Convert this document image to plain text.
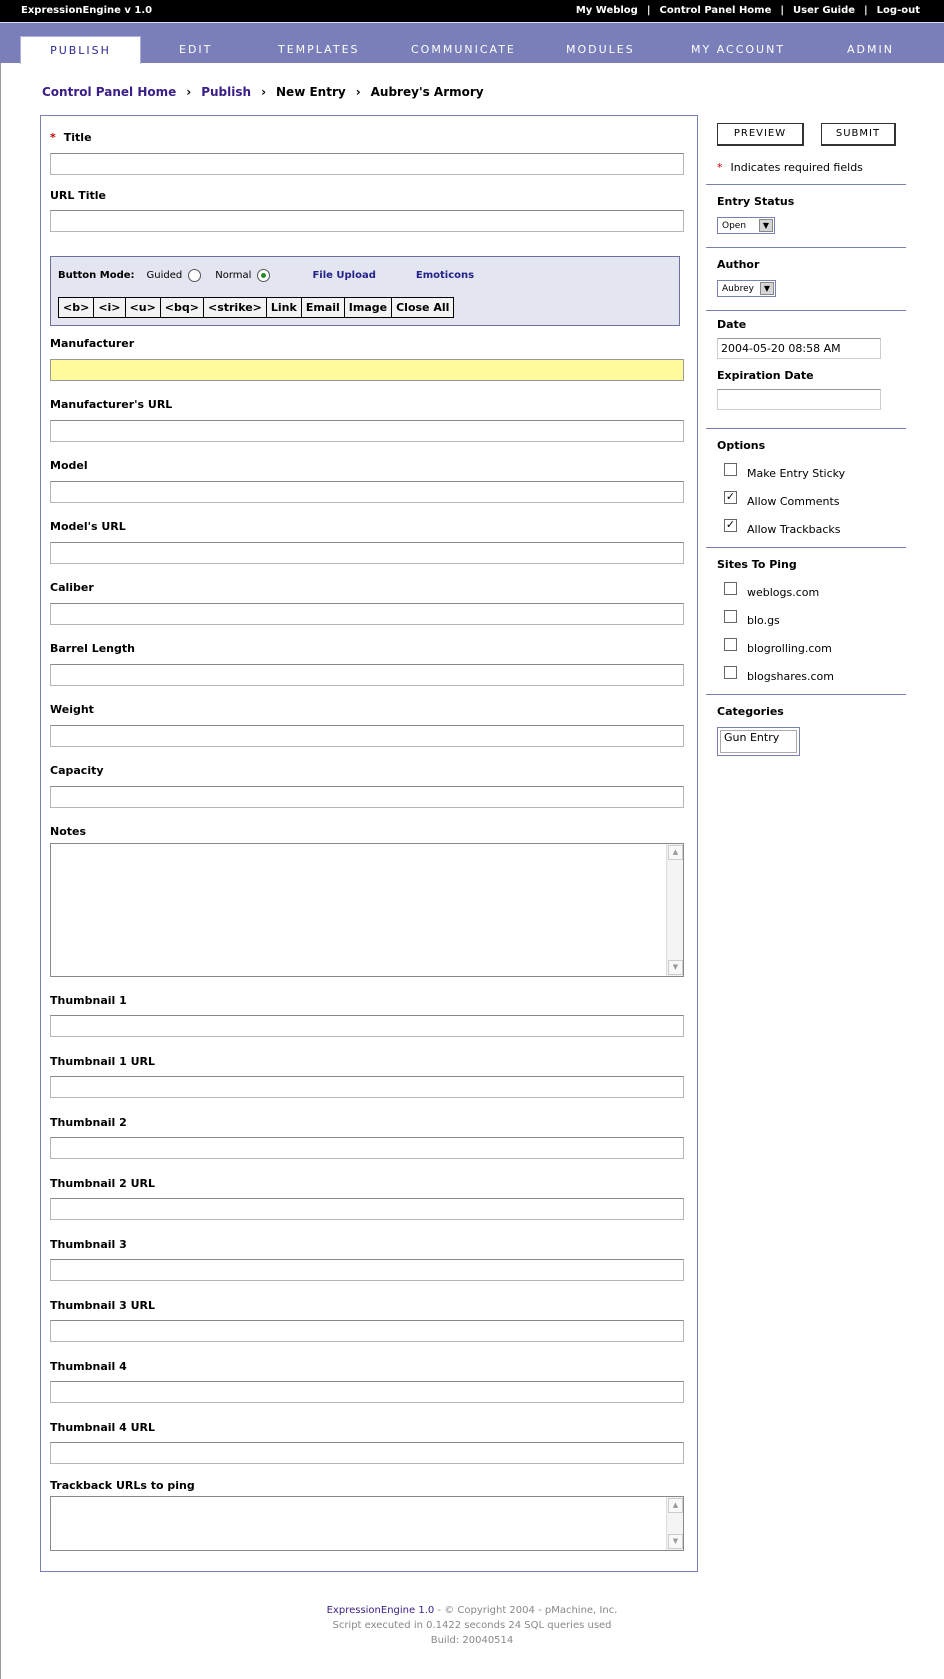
ExpressionEngine v 1.0	My Weblog | Control Panel Home | User Guide | Log-out
PUBLISH	EDIT	TEMPLATES	COMMUNICATE	MODULES	MY ACCOUNT	ADMIN
Control Panel Home › Publish › New Entry › Aubrey's Armory
* Title
URL Title
Button Mode: Guided	Normal	File Upload	Emoticons
<b> <i> <u> <bq> <strike> Link Email Image Close All
Manufacturer
Manufacturer's URL
Model
Model's URL
Caliber
Barrel Length
Weight
Capacity
Notes
▲
▼
Thumbnail 1
Thumbnail 1 URL
Thumbnail 2
Thumbnail 2 URL
Thumbnail 3
Thumbnail 3 URL
Thumbnail 4
Thumbnail 4 URL
Trackback URLs to ping
▲
▼
PREVIEW	SUBMIT
* Indicates required fields
Entry Status
Open	▼
Author
Aubrey	▼
Date
2004-05-20 08:58 AM
Expiration Date
Options
Make Entry Sticky
✓ Allow Comments
✓ Allow Trackbacks
Sites To Ping
weblogs.com
blo.gs
blogrolling.com
blogshares.com
Categories
Gun Entry
ExpressionEngine 1.0 - © Copyright 2004 - pMachine, Inc.
Script executed in 0.1422 seconds 24 SQL queries used
Build: 20040514
